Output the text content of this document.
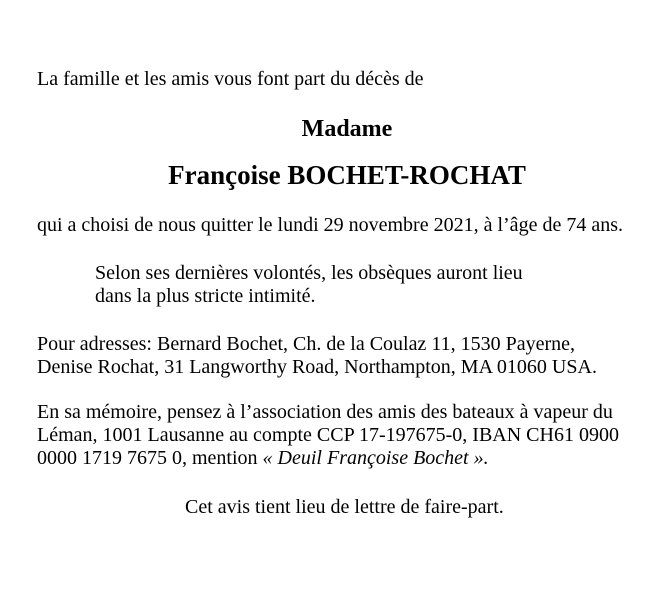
La famille et les amis vous font part du décès de

Madame

Françoise BOCHET-ROCHAT

qui a choisi de nous quitter le lundi 29 novembre 2021, à l’âge de 74 ans.

Selon ses dernières volontés, les obsèques auront lieu

dans la plus stricte intimité.

Pour adresses: Bernard Bochet, Ch. de la Coulaz 11, 1530 Payerne,

Denise Rochat, 31 Langworthy Road, Northampton, MA 01060 USA.

En sa mémoire, pensez à l’association des amis des bateaux à vapeur du

Léman, 1001 Lausanne au compte CCP 17-197675-0, IBAN CH61 0900

0000 1719 7675 0, mention « Deuil Françoise Bochet ».

Cet avis tient lieu de lettre de faire-part.
